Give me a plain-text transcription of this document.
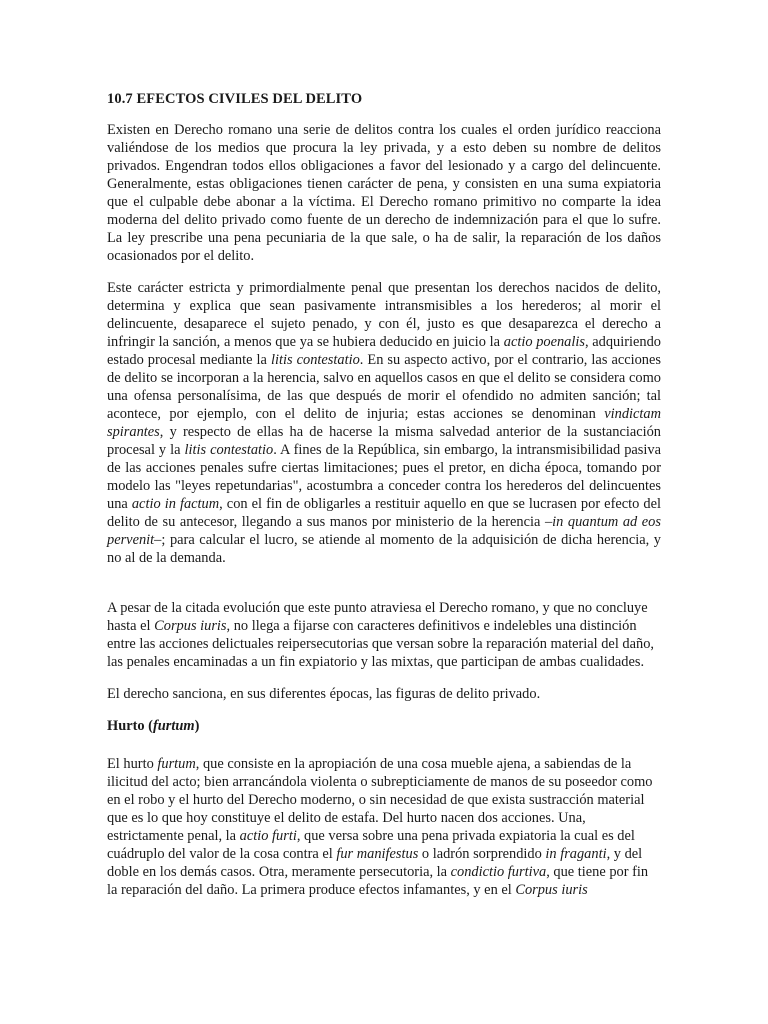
10.7 EFECTOS CIVILES DEL DELITO

Existen en Derecho romano una serie de delitos contra los cuales el orden jurídico reacciona valiéndose de los medios que procura la ley privada, y a esto deben su nombre de delitos privados. Engendran todos ellos obligaciones a favor del lesionado y a cargo del delincuente. Generalmente, estas obligaciones tienen carácter de pena, y consisten en una suma expiatoria que el culpable debe abonar a la víctima. El Derecho romano primitivo no comparte la idea moderna del delito privado como fuente de un derecho de indemnización para el que lo sufre. La ley prescribe una pena pecuniaria de la que sale, o ha de salir, la reparación de los daños ocasionados por el delito.

Este carácter estricta y primordialmente penal que presentan los derechos nacidos de delito, determina y explica que sean pasivamente intransmisibles a los herederos; al morir el delincuente, desaparece el sujeto penado, y con él, justo es que desaparezca el derecho a infringir la sanción, a menos que ya se hubiera deducido en juicio la actio poenalis, adquiriendo estado procesal mediante la litis contestatio. En su aspecto activo, por el contrario, las acciones de delito se incorporan a la herencia, salvo en aquellos casos en que el delito se considera como una ofensa personalísima, de las que después de morir el ofendido no admiten sanción; tal acontece, por ejemplo, con el delito de injuria; estas acciones se denominan vindictam spirantes, y respecto de ellas ha de hacerse la misma salvedad anterior de la sustanciación procesal y la litis contestatio. A fines de la República, sin embargo, la intransmisibilidad pasiva de las acciones penales sufre ciertas limitaciones; pues el pretor, en dicha época, tomando por modelo las "leyes repetundarias", acostumbra a conceder contra los herederos del delincuentes una actio in factum, con el fin de obligarles a restituir aquello en que se lucrasen por efecto del delito de su antecesor, llegando a sus manos por ministerio de la herencia –in quantum ad eos pervenit–; para calcular el lucro, se atiende al momento de la adquisición de dicha herencia, y no al de la demanda.

A pesar de la citada evolución que este punto atraviesa el Derecho romano, y que no concluye hasta el Corpus iuris, no llega a fijarse con caracteres definitivos e indelebles una distinción entre las acciones delictuales reipersecutorias que versan sobre la reparación material del daño, las penales encaminadas a un fin expiatorio y las mixtas, que participan de ambas cualidades.

El derecho sanciona, en sus diferentes épocas, las figuras de delito privado.

Hurto (furtum)

El hurto furtum, que consiste en la apropiación de una cosa mueble ajena, a sabiendas de la ilicitud del acto; bien arrancándola violenta o subrepticiamente de manos de su poseedor como en el robo y el hurto del Derecho moderno, o sin necesidad de que exista sustracción material que es lo que hoy constituye el delito de estafa. Del hurto nacen dos acciones. Una, estrictamente penal, la actio furti, que versa sobre una pena privada expiatoria la cual es del cuádruplo del valor de la cosa contra el fur manifestus o ladrón sorprendido in fraganti, y del doble en los demás casos. Otra, meramente persecutoria, la condictio furtiva, que tiene por fin la reparación del daño. La primera produce efectos infamantes, y en el Corpus iuris
